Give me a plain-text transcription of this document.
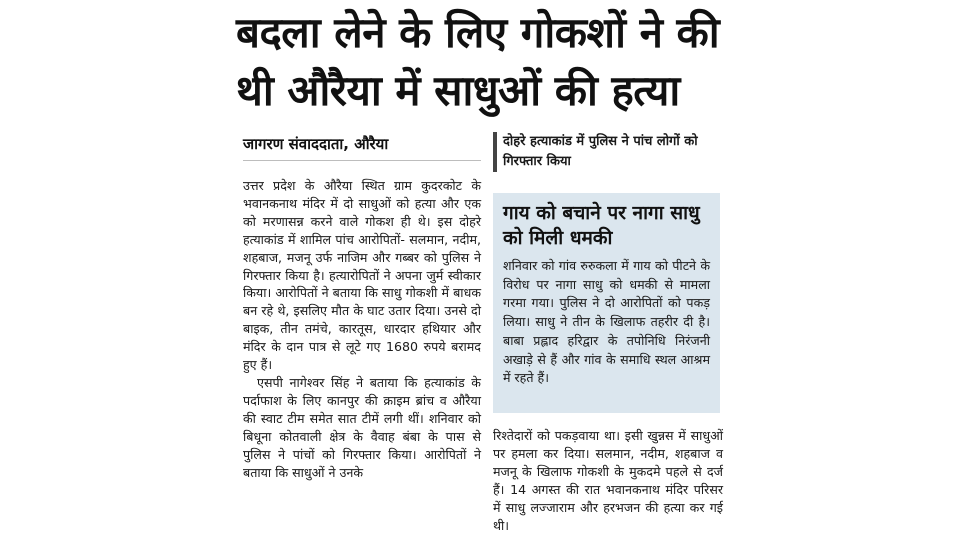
बदला लेने के लिए गोकशों ने की
थी औरैया में साधुओं की हत्या
जागरण संवाददाता, औरैया

उत्तर प्रदेश के औरैया स्थित ग्राम कुदरकोट के भवानकनाथ मंदिर में दो साधुओं को हत्या और एक को मरणासन्न करने वाले गोकश ही थे। इस दोहरे हत्याकांड में शामिल पांच आरोपितों- सलमान, नदीम, शहबाज, मजनू उर्फ नाजिम और गब्बर को पुलिस ने गिरफ्तार किया है। हत्यारोपितों ने अपना जुर्म स्वीकार किया। आरोपितों ने बताया कि साधु गोकशी में बाधक बन रहे थे, इसलिए मौत के घाट उतार दिया। उनसे दो बाइक, तीन तमंचे, कारतूस, धारदार हथियार और मंदिर के दान पात्र से लूटे गए 1680 रुपये बरामद हुए हैं।

एसपी नागेश्वर सिंह ने बताया कि हत्याकांड के पर्दाफाश के लिए कानपुर की क्राइम ब्रांच व औरैया की स्वाट टीम समेत सात टीमें लगी थीं। शनिवार को बिधूना कोतवाली क्षेत्र के वैवाह बंबा के पास से पुलिस ने पांचों को गिरफ्तार किया। आरोपितों ने बताया कि साधुओं ने उनके

दोहरे हत्याकांड में पुलिस ने पांच लोगों को गिरफ्तार किया
गाय को बचाने पर नागा साधु को मिली धमकी
शनिवार को गांव रुरुकला में गाय को पीटने के विरोध पर नागा साधु को धमकी से मामला गरमा गया। पुलिस ने दो आरोपितों को पकड़ लिया। साधु ने तीन के खिलाफ तहरीर दी है। बाबा प्रह्लाद हरिद्वार के तपोनिधि निरंजनी अखाड़े से हैं और गांव के समाधि स्थल आश्रम में रहते हैं।

रिश्तेदारों को पकड़वाया था। इसी खुन्नस में साधुओं पर हमला कर दिया। सलमान, नदीम, शहबाज व मजनू के खिलाफ गोकशी के मुकदमे पहले से दर्ज हैं। 14 अगस्त की रात भवानकनाथ मंदिर परिसर में साधु लज्जाराम और हरभजन की हत्या कर गई थी।
